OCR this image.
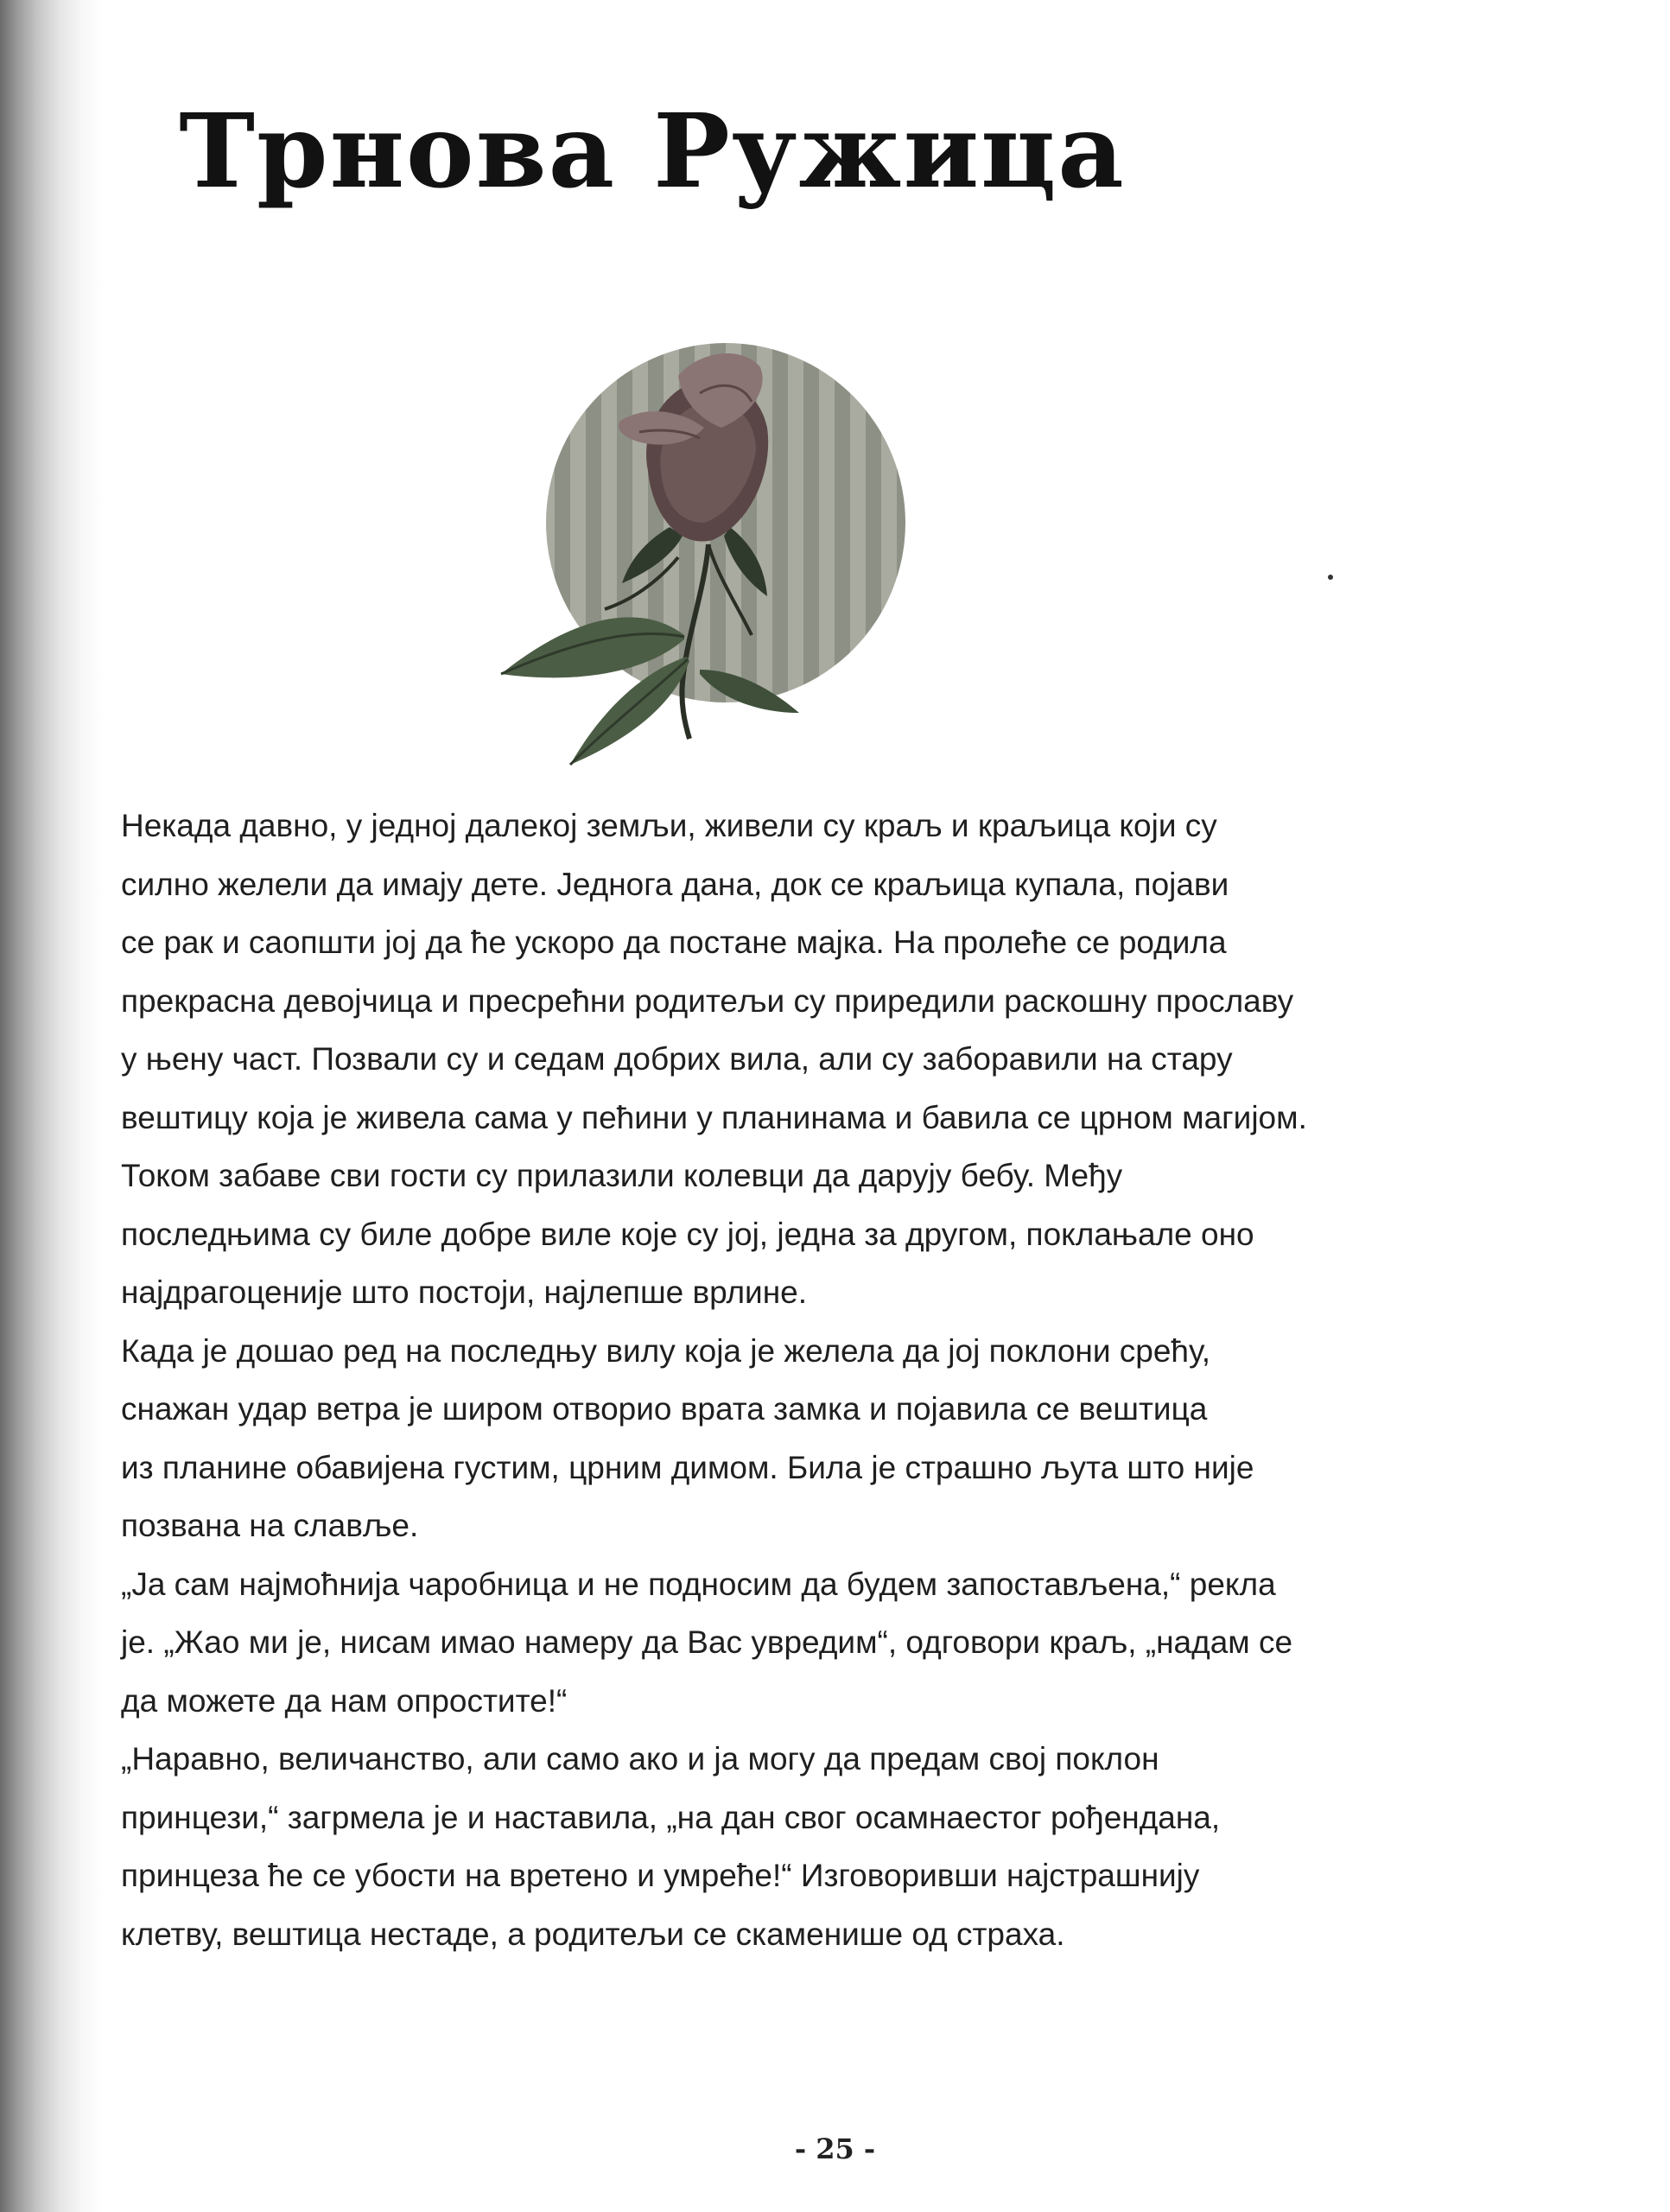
Трнова Ружица

Некада давно, у једној далекој земљи, живели су краљ и краљица који су
силно желели да имају дете. Једнога дана, док се краљица купала, појави
се рак и саопшти јој да ће ускоро да постане мајка. На пролеће се родила
прекрасна девојчица и пресрећни родитељи су приредили раскошну прославу
у њену част. Позвали су и седам добрих вила, али су заборавили на стару
вештицу која је живела сама у пећини у планинама и бавила се црном магијом.

Током забаве сви гости су прилазили колевци да дарују бебу. Међу
последњима су биле добре виле које су јој, једна за другом, поклањале оно
најдрагоценије што постоји, најлепше врлине.

Када је дошао ред на последњу вилу која је желела да јој поклони срећу,
снажан удар ветра је широм отворио врата замка и појавила се вештица
из планине обавијена густим, црним димом. Била је страшно љута што није
позвана на славље.

„Ја сам најмоћнија чаробница и не подносим да будем запостављена,“ рекла
је. „Жао ми је, нисам имао намеру да Вас увредим“, одговори краљ, „надам се
да можете да нам опростите!“

„Наравно, величанство, али само ако и ја могу да предам свој поклон
принцези,“ загрмела је и наставила, „на дан свог осамнаестог рођендана,
принцеза ће се убости на вретено и умреће!“ Изговоривши најстрашнију
клетву, вештица нестаде, а родитељи се скаменише од страха.

- 25 -
